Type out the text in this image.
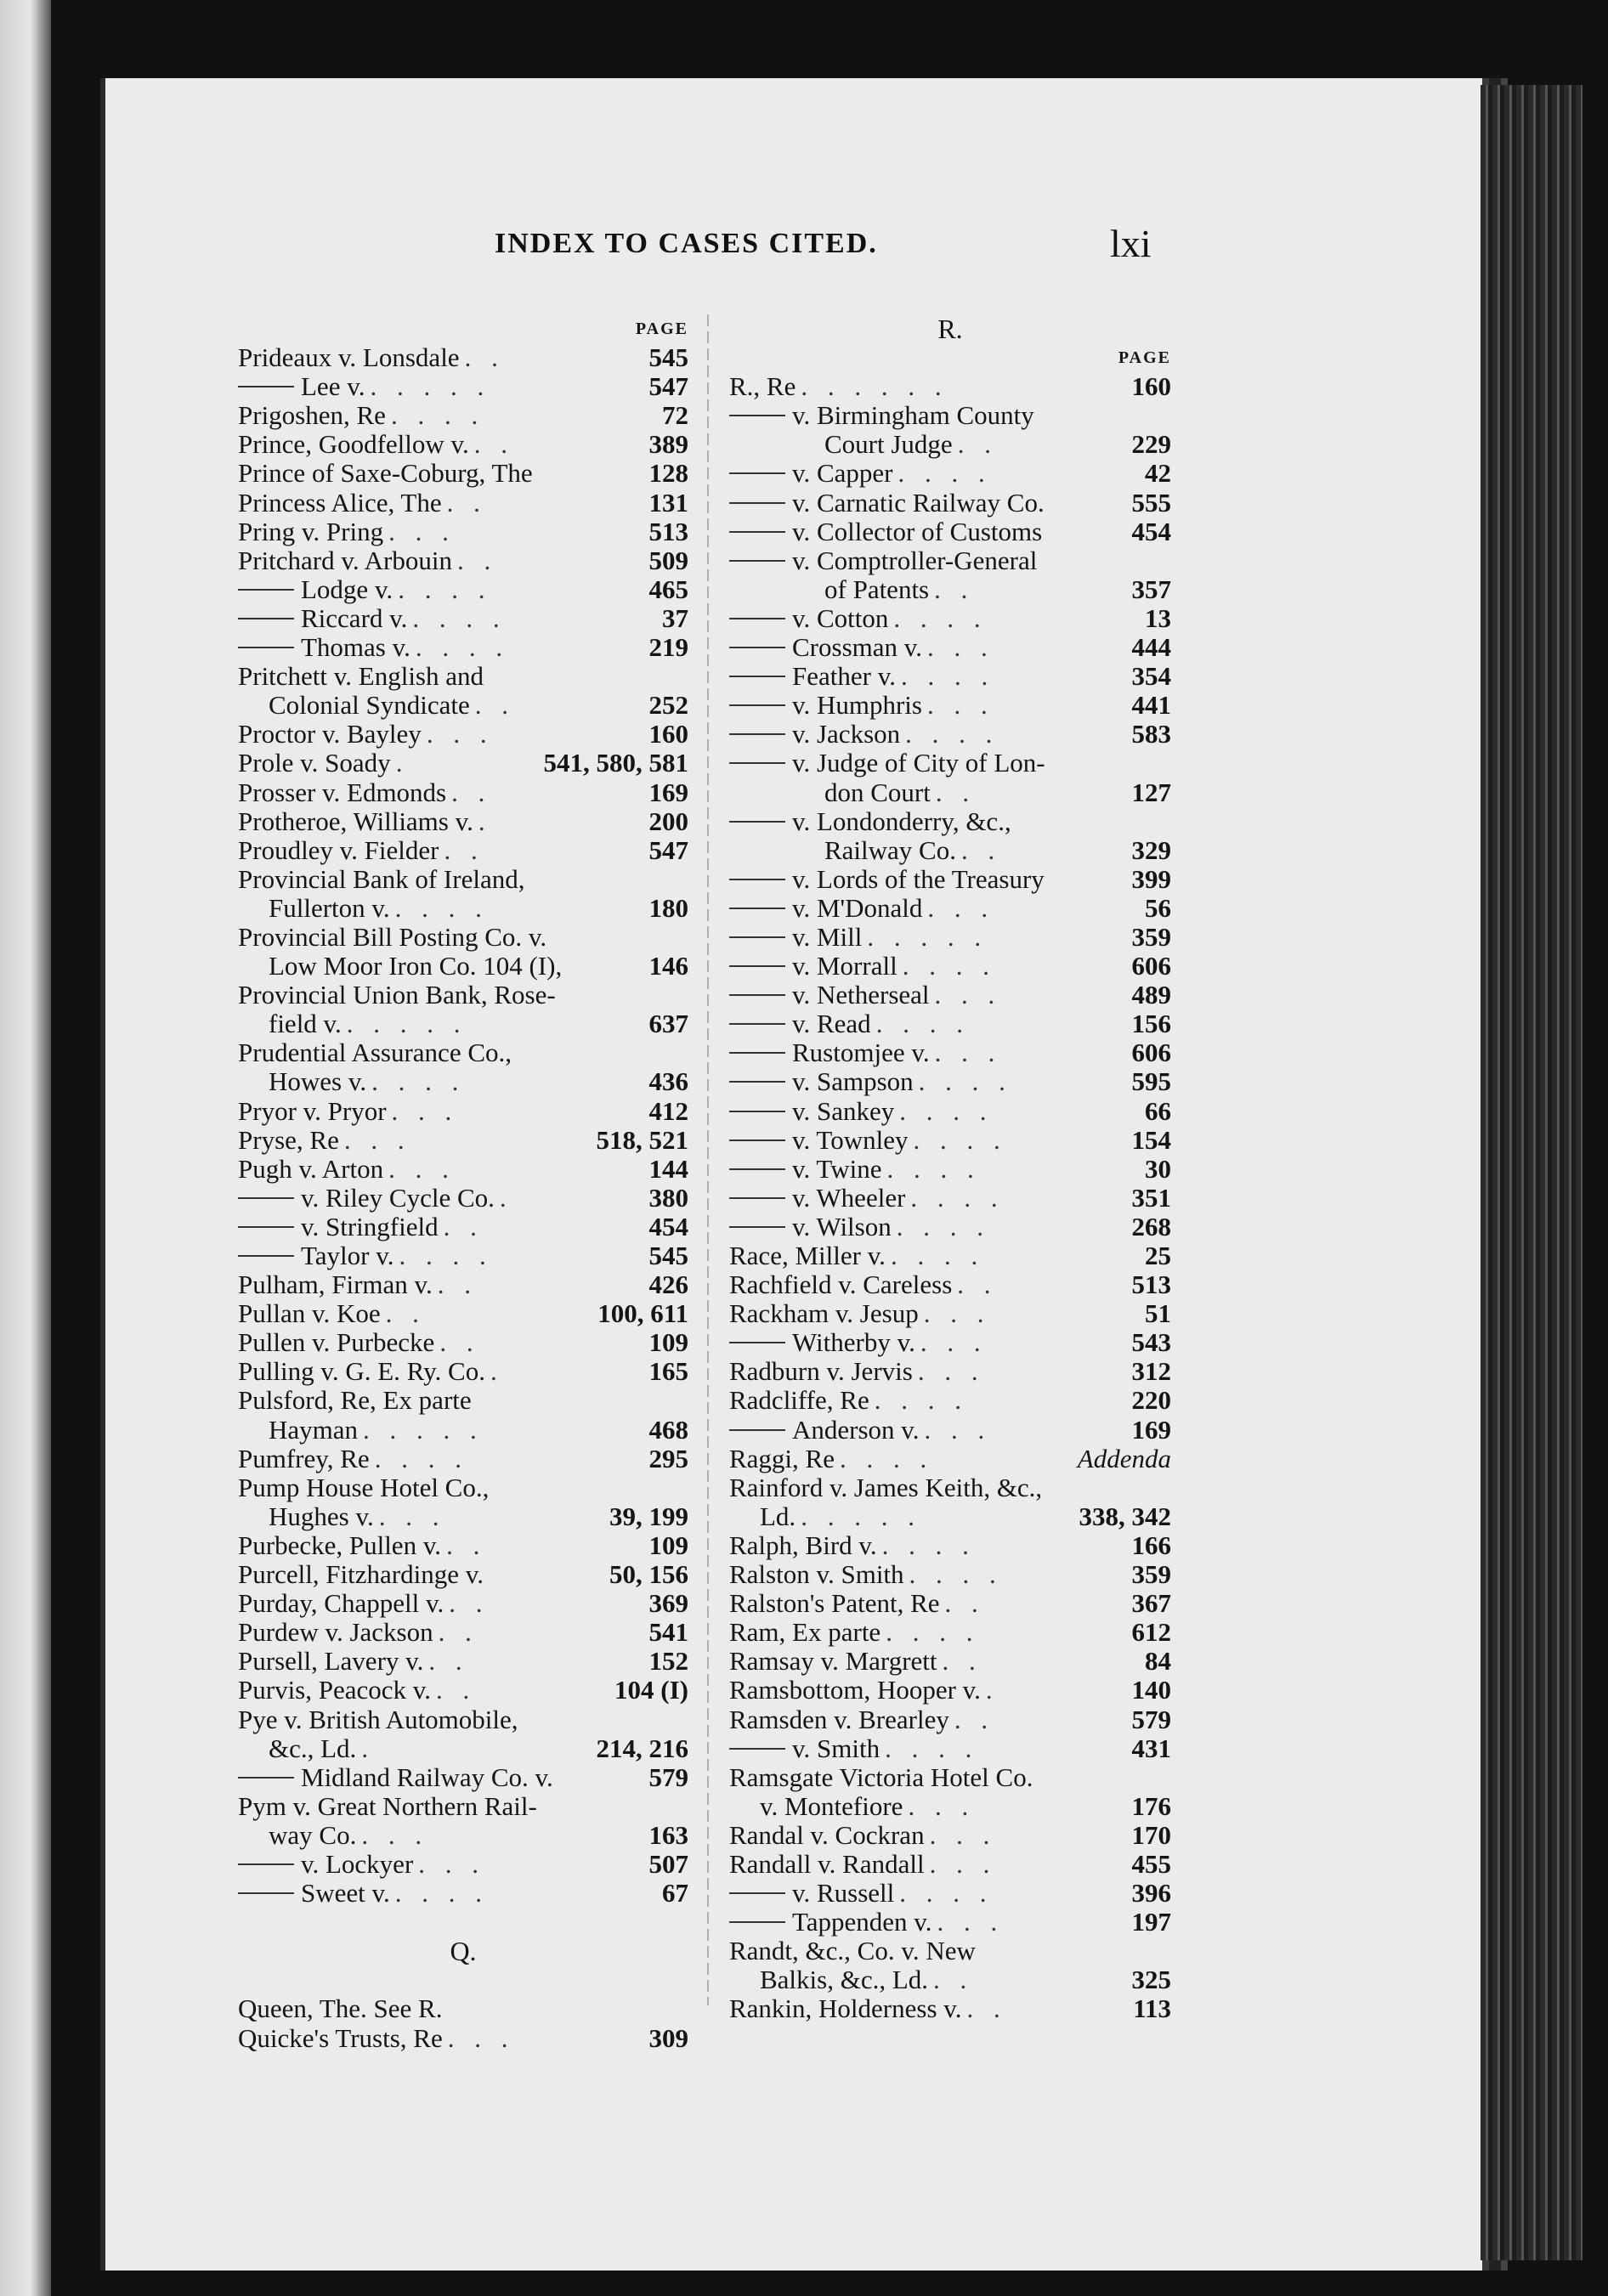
INDEX TO CASES CITED.	lxi
PAGE
Prideaux v. Lonsdale . .	545
Lee v. . . . . .	547
Prigoshen, Re . . . .	72
Prince, Goodfellow v. . .	389
Prince of Saxe-Coburg, The	128
Princess Alice, The . .	131
Pring v. Pring . . .	513
Pritchard v. Arbouin . .	509
Lodge v. . . . .	465
Riccard v. . . . .	37
Thomas v. . . . .	219
Pritchett v. English and
Colonial Syndicate . .	252
Proctor v. Bayley . . .	160
Prole v. Soady .	541, 580, 581
Prosser v. Edmonds . .	169
Protheroe, Williams v. .	200
Proudley v. Fielder . .	547
Provincial Bank of Ireland,
Fullerton v. . . . .	180
Provincial Bill Posting Co. v.
Low Moor Iron Co. 104 (I),	146
Provincial Union Bank, Rose-
field v. . . . . .	637
Prudential Assurance Co.,
Howes v. . . . .	436
Pryor v. Pryor . . .	412
Pryse, Re . . .	518, 521
Pugh v. Arton . . .	144
v. Riley Cycle Co. .	380
v. Stringfield . .	454
Taylor v. . . . .	545
Pulham, Firman v. . .	426
Pullan v. Koe . .	100, 611
Pullen v. Purbecke . .	109
Pulling v. G. E. Ry. Co. .	165
Pulsford, Re, Ex parte
Hayman . . . . .	468
Pumfrey, Re . . . .	295
Pump House Hotel Co.,
Hughes v. . . .	39, 199
Purbecke, Pullen v. . .	109
Purcell, Fitzhardinge v.	50, 156
Purday, Chappell v. . .	369
Purdew v. Jackson . .	541
Pursell, Lavery v. . .	152
Purvis, Peacock v. . .	104 (I)
Pye v. British Automobile,
&c., Ld. .	214, 216
Midland Railway Co. v.	579
Pym v. Great Northern Rail-
way Co. . . .	163
v. Lockyer . . .	507
Sweet v. . . . .	67
Q.
Queen, The. See R.
Quicke's Trusts, Re . . .	309
R.
PAGE
R., Re . . . . . .	160
v. Birmingham County
Court Judge . .	229
v. Capper . . . .	42
v. Carnatic Railway Co.	555
v. Collector of Customs	454
v. Comptroller-General
of Patents . .	357
v. Cotton . . . .	13
Crossman v. . . .	444
Feather v. . . . .	354
v. Humphris . . .	441
v. Jackson . . . .	583
v. Judge of City of Lon-
don Court . .	127
v. Londonderry, &c.,
Railway Co. . .	329
v. Lords of the Treasury	399
v. M'Donald . . .	56
v. Mill . . . . .	359
v. Morrall . . . .	606
v. Netherseal . . .	489
v. Read . . . .	156
Rustomjee v. . . .	606
v. Sampson . . . .	595
v. Sankey . . . .	66
v. Townley . . . .	154
v. Twine . . . .	30
v. Wheeler . . . .	351
v. Wilson . . . .	268
Race, Miller v. . . . .	25
Rachfield v. Careless . .	513
Rackham v. Jesup . . .	51
Witherby v. . . .	543
Radburn v. Jervis . . .	312
Radcliffe, Re . . . .	220
Anderson v. . . .	169
Raggi, Re . . . .	Addenda
Rainford v. James Keith, &c.,
Ld. . . . . .	338, 342
Ralph, Bird v. . . . .	166
Ralston v. Smith . . . .	359
Ralston's Patent, Re . .	367
Ram, Ex parte . . . .	612
Ramsay v. Margrett . .	84
Ramsbottom, Hooper v. .	140
Ramsden v. Brearley . .	579
v. Smith . . . .	431
Ramsgate Victoria Hotel Co.
v. Montefiore . . .	176
Randal v. Cockran . . .	170
Randall v. Randall . . .	455
v. Russell . . . .	396
Tappenden v. . . .	197
Randt, &c., Co. v. New
Balkis, &c., Ld. . .	325
Rankin, Holderness v. . .	113
